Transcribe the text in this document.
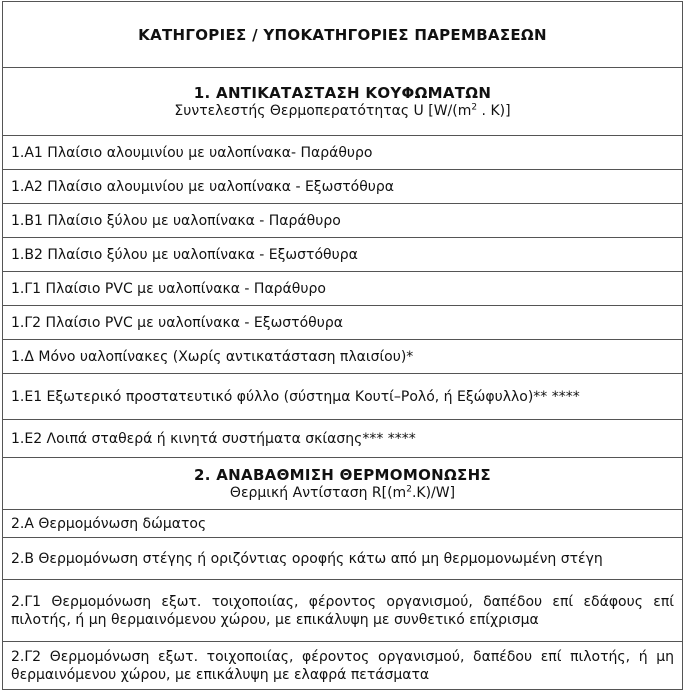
ΚΑΤΗΓΟΡΙΕΣ / ΥΠΟΚΑΤΗΓΟΡΙΕΣ ΠΑΡΕΜΒΑΣΕΩΝ
1. ΑΝΤΙΚΑΤΑΣΤΑΣΗ ΚΟΥΦΩΜΑΤΩΝ
Συντελεστής Θερμοπερατότητας U [$W/(m^2$ . K)]
1.Α1 Πλαίσιο αλουμινίου με υαλοπίνακα- Παράθυρο
1.Α2 Πλαίσιο αλουμινίου με υαλοπίνακα - Εξωστόθυρα
1.Β1 Πλαίσιο ξύλου με υαλοπίνακα - Παράθυρο
1.Β2 Πλαίσιο ξύλου με υαλοπίνακα - Εξωστόθυρα
1.Γ1 Πλαίσιο PVC με υαλοπίνακα - Παράθυρο
1.Γ2 Πλαίσιο PVC με υαλοπίνακα - Εξωστόθυρα
1.Δ Μόνο υαλοπίνακες (Χωρίς αντικατάσταση πλαισίου)*
1.Ε1 Εξωτερικό προστατευτικό φύλλο (σύστημα Κουτί–Ρολό, ή Εξώφυλλο)** ****
1.Ε2 Λοιπά σταθερά ή κινητά συστήματα σκίασης*** ****
2. ΑΝΑΒΑΘΜΙΣΗ ΘΕΡΜΟΜΟΝΩΣΗΣ
Θερμική Αντίσταση $R[(m^2.K)/W]$
2.Α Θερμομόνωση δώματος
2.Β Θερμομόνωση στέγης ή οριζόντιας οροφής κάτω από μη θερμομονωμένη στέγη
2.Γ1 Θερμομόνωση εξωτ. τοιχοποιίας, φέροντος οργανισμού, δαπέδου επί εδάφους επί πιλοτής, ή μη θερμαινόμενου χώρου, με επικάλυψη με συνθετικό επίχρισμα
2.Γ2 Θερμομόνωση εξωτ. τοιχοποιίας, φέροντος οργανισμού, δαπέδου επί πιλοτής, ή μη θερμαινόμενου χώρου, με επικάλυψη με ελαφρά πετάσματα
